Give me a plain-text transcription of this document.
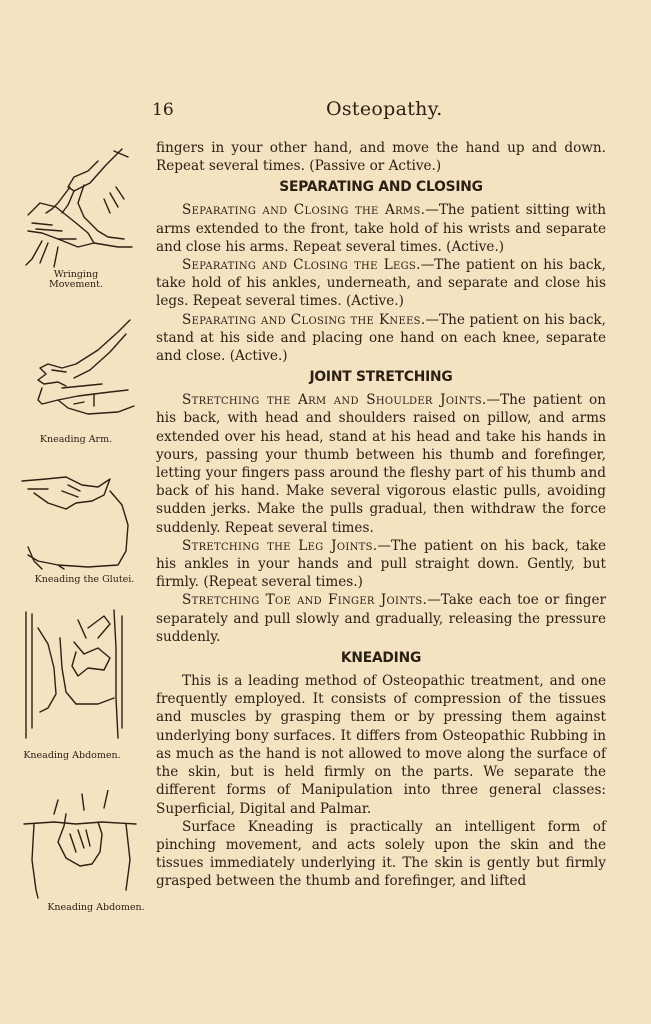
16	Osteopathy.
Wringing Movement.
Kneading Arm.
Kneading the Glutei.
Kneading Abdomen.
Kneading Abdomen.

fingers in your other hand, and move the hand up and down. Repeat several times. (Passive or Active.)

SEPARATING AND CLOSING

Separating and Closing the Arms.—The patient sitting with arms extended to the front, take hold of his wrists and separate and close his arms. Repeat several times. (Active.)

Separating and Closing the Legs.—The patient on his back, take hold of his ankles, underneath, and separate and close his legs. Repeat several times. (Active.)

Separating and Closing the Knees.—The patient on his back, stand at his side and placing one hand on each knee, separate and close. (Active.)

JOINT STRETCHING

Stretching the Arm and Shoulder Joints.—The patient on his back, with head and shoulders raised on pillow, and arms extended over his head, stand at his head and take his hands in yours, passing your thumb between his thumb and forefinger, letting your fingers pass around the fleshy part of his thumb and back of his hand. Make several vigorous elastic pulls, avoiding sudden jerks. Make the pulls gradual, then withdraw the force suddenly. Repeat several times.

Stretching the Leg Joints.—The patient on his back, take his ankles in your hands and pull straight down. Gently, but firmly. (Repeat several times.)

Stretching Toe and Finger Joints.—Take each toe or finger separately and pull slowly and gradually, releasing the pressure suddenly.

KNEADING

This is a leading method of Osteopathic treatment, and one frequently employed. It consists of compression of the tissues and muscles by grasping them or by pressing them against underlying bony surfaces. It differs from Osteopathic Rubbing in as much as the hand is not allowed to move along the surface of the skin, but is held firmly on the parts. We separate the different forms of Manipulation into three general classes: Superficial, Digital and Palmar.

Surface Kneading is practically an intelligent form of pinching movement, and acts solely upon the skin and the tissues immediately underlying it. The skin is gently but firmly grasped between the thumb and forefinger, and lifted
